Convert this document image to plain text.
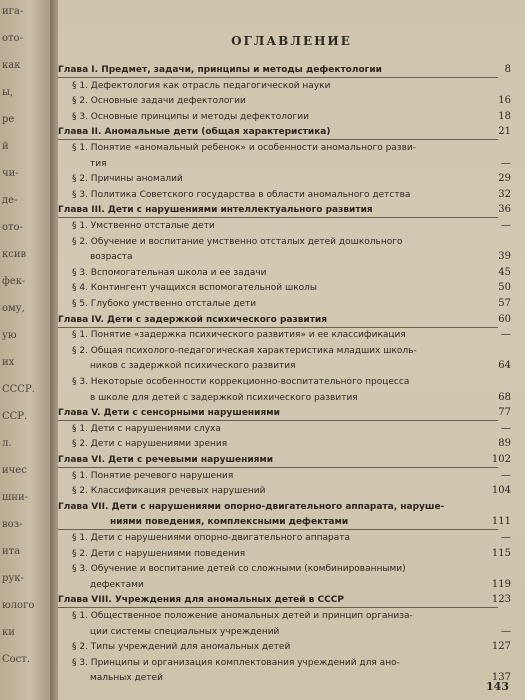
ига-
ото-
как
ы,
ре
й
чи-
де-
ото-
ксив
фек-
ому,
ую
их
СССР.
ССР.
л.
ичес
шни-
воз-
ита
рук-
юлого
ки
Сост.
ОГЛАВЛЕНИЕ
Глава I. Предмет, задачи, принципы и методы дефектологии	8
§ 1. Дефектология как отрасль педагогической науки
§ 2. Основные задачи дефектологии	16
§ 3. Основные принципы и методы дефектологии	18
Глава II. Аномальные дети (общая характеристика)	21
§ 1. Понятие «аномальный ребенок» и особенности аномального разви-
тия	—
§ 2. Причины аномалий	29
§ 3. Политика Советского государства в области аномального детства	32
Глава III. Дети с нарушениями интеллектуального развития	36
§ 1. Умственно отсталые дети	—
§ 2. Обучение и воспитание умственно отсталых детей дошкольного
возраста	39
§ 3. Вспомогательная школа и ее задачи	45
§ 4. Контингент учащихся вспомогательной школы	50
§ 5. Глубоко умственно отсталые дети	57
Глава IV. Дети с задержкой психического развития	60
§ 1. Понятие «задержка психического развития» и ее классификация	—
§ 2. Общая психолого-педагогическая характеристика младших школь-
ников с задержкой психического развития	64
§ 3. Некоторые особенности коррекционно-воспитательного процесса
в школе для детей с задержкой психического развития	68
Глава V. Дети с сенсорными нарушениями	77
§ 1. Дети с нарушениями слуха	—
§ 2. Дети с нарушениями зрения	89
Глава VI. Дети с речевыми нарушениями	102
§ 1. Понятие речевого нарушения	—
§ 2. Классификация речевых нарушений	104
Глава VII. Дети с нарушениями опорно-двигательного аппарата, наруше-
ниями поведения, комплексными дефектами	111
§ 1. Дети с нарушениями опорно-двигательного аппарата	—
§ 2. Дети с нарушениями поведения	115
§ 3. Обучение и воспитание детей со сложными (комбинированными)
дефектами	119
Глава VIII. Учреждения для аномальных детей в СССР	123
§ 1. Общественное положение аномальных детей и принцип организа-
ции системы специальных учреждений	—
§ 2. Типы учреждений для аномальных детей	127
§ 3. Принципы и организация комплектования учреждений для ано-
мальных детей	137
143
